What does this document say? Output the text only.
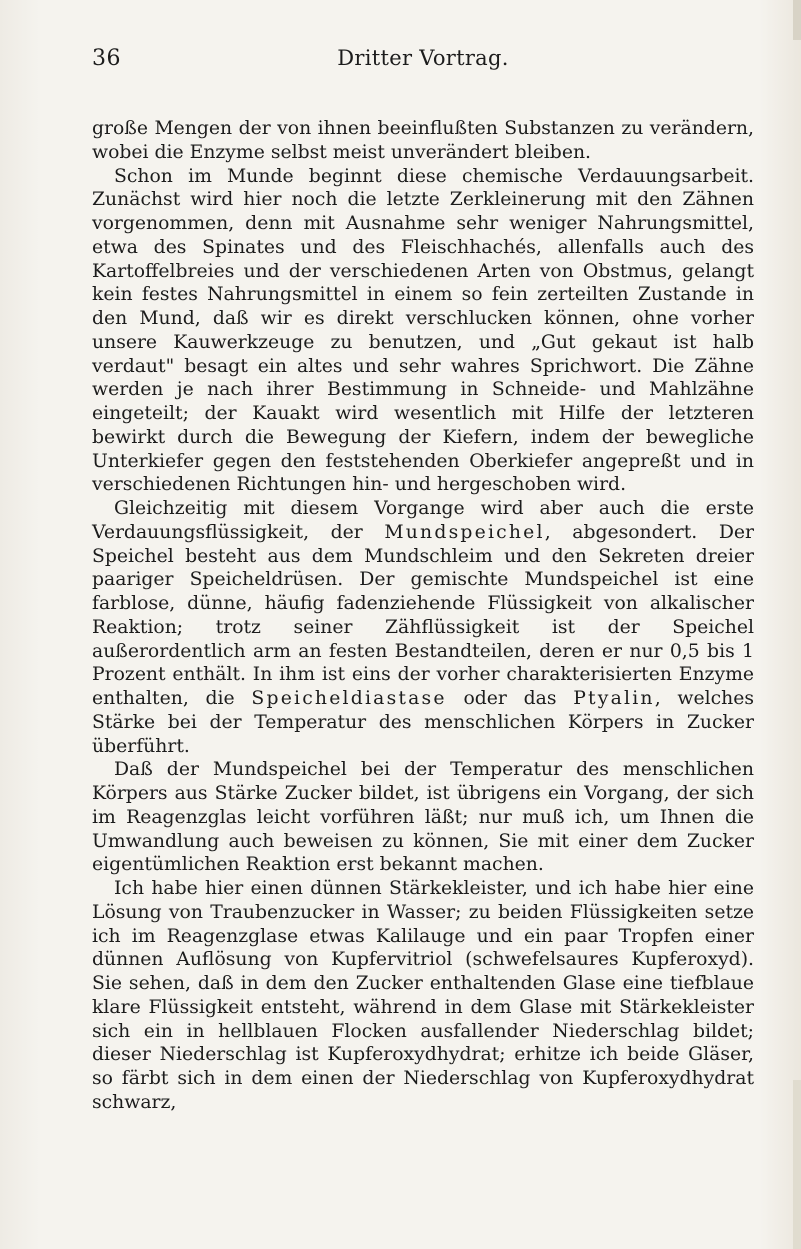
36	Dritter Vortrag.

große Mengen der von ihnen beeinflußten Substanzen zu verändern, wobei die Enzyme selbst meist unverändert bleiben.

Schon im Munde beginnt diese chemische Verdauungsarbeit. Zunächst wird hier noch die letzte Zerkleinerung mit den Zähnen vorgenommen, denn mit Ausnahme sehr weniger Nahrungsmittel, etwa des Spinates und des Fleischhachés, allenfalls auch des Kartoffelbreies und der verschiedenen Arten von Obstmus, gelangt kein festes Nahrungsmittel in einem so fein zerteilten Zustande in den Mund, daß wir es direkt verschlucken können, ohne vorher unsere Kauwerkzeuge zu benutzen, und „Gut gekaut ist halb verdaut" besagt ein altes und sehr wahres Sprichwort. Die Zähne werden je nach ihrer Bestimmung in Schneide- und Mahlzähne eingeteilt; der Kauakt wird wesentlich mit Hilfe der letzteren bewirkt durch die Bewegung der Kiefern, indem der bewegliche Unterkiefer gegen den feststehenden Oberkiefer angepreßt und in verschiedenen Richtungen hin- und hergeschoben wird.

Gleichzeitig mit diesem Vorgange wird aber auch die erste Verdauungsflüssigkeit, der Mundspeichel, abgesondert. Der Speichel besteht aus dem Mundschleim und den Sekreten dreier paariger Speicheldrüsen. Der gemischte Mundspeichel ist eine farblose, dünne, häufig fadenziehende Flüssigkeit von alkalischer Reaktion; trotz seiner Zähflüssigkeit ist der Speichel außerordentlich arm an festen Bestandteilen, deren er nur 0,5 bis 1 Prozent enthält. In ihm ist eins der vorher charakterisierten Enzyme enthalten, die Speicheldiastase oder das Ptyalin, welches Stärke bei der Temperatur des menschlichen Körpers in Zucker überführt.

Daß der Mundspeichel bei der Temperatur des menschlichen Körpers aus Stärke Zucker bildet, ist übrigens ein Vorgang, der sich im Reagenzglas leicht vorführen läßt; nur muß ich, um Ihnen die Umwandlung auch beweisen zu können, Sie mit einer dem Zucker eigentümlichen Reaktion erst bekannt machen.

Ich habe hier einen dünnen Stärkekleister, und ich habe hier eine Lösung von Traubenzucker in Wasser; zu beiden Flüssigkeiten setze ich im Reagenzglase etwas Kalilauge und ein paar Tropfen einer dünnen Auflösung von Kupfervitriol (schwefelsaures Kupferoxyd). Sie sehen, daß in dem den Zucker enthaltenden Glase eine tiefblaue klare Flüssigkeit entsteht, während in dem Glase mit Stärkekleister sich ein in hellblauen Flocken ausfallender Niederschlag bildet; dieser Niederschlag ist Kupferoxydhydrat; erhitze ich beide Gläser, so färbt sich in dem einen der Niederschlag von Kupferoxydhydrat schwarz,
